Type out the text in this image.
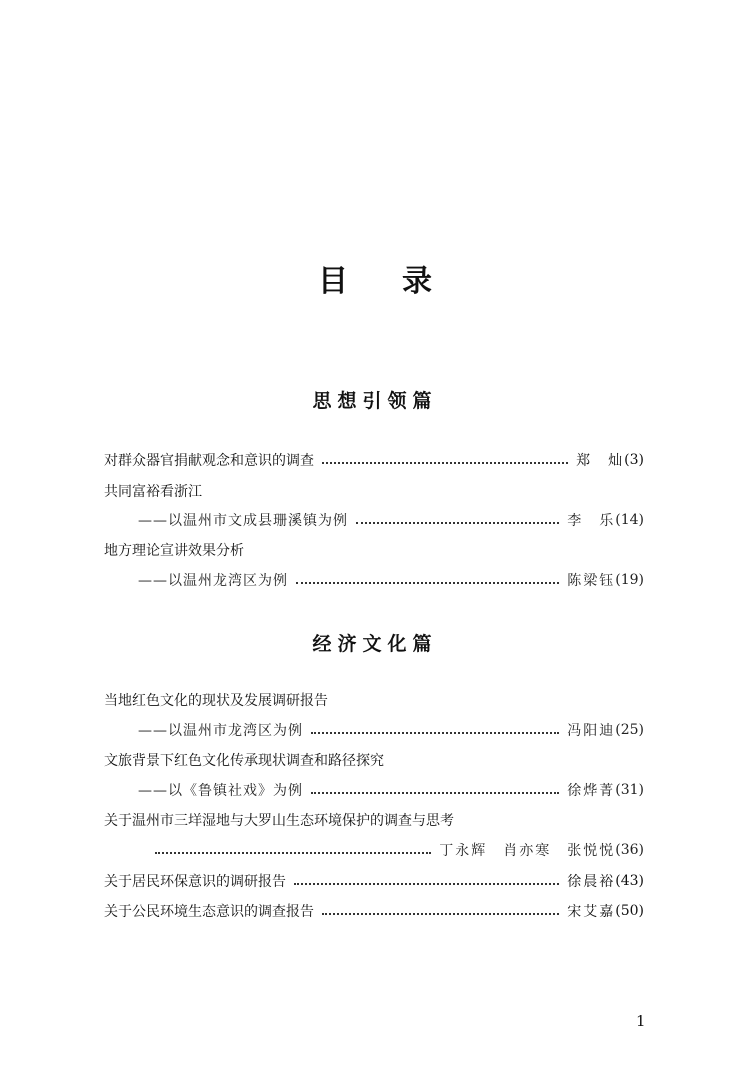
目 录
思想引领篇
对群众器官捐献观念和意识的调查	郑　灿 (3)
共同富裕看浙江
——以温州市文成县珊溪镇为例	李　乐 (14)
地方理论宣讲效果分析
——以温州龙湾区为例	陈梁钰 (19)
经济文化篇
当地红色文化的现状及发展调研报告
——以温州市龙湾区为例	冯阳迪 (25)
文旅背景下红色文化传承现状调查和路径探究
——以《鲁镇社戏》为例	徐烨菁 (31)
关于温州市三垟湿地与大罗山生态环境保护的调查与思考
丁永辉　肖亦寒　张悦悦 (36)
关于居民环保意识的调研报告	徐晨裕 (43)
关于公民环境生态意识的调查报告	宋艾嘉 (50)
1
